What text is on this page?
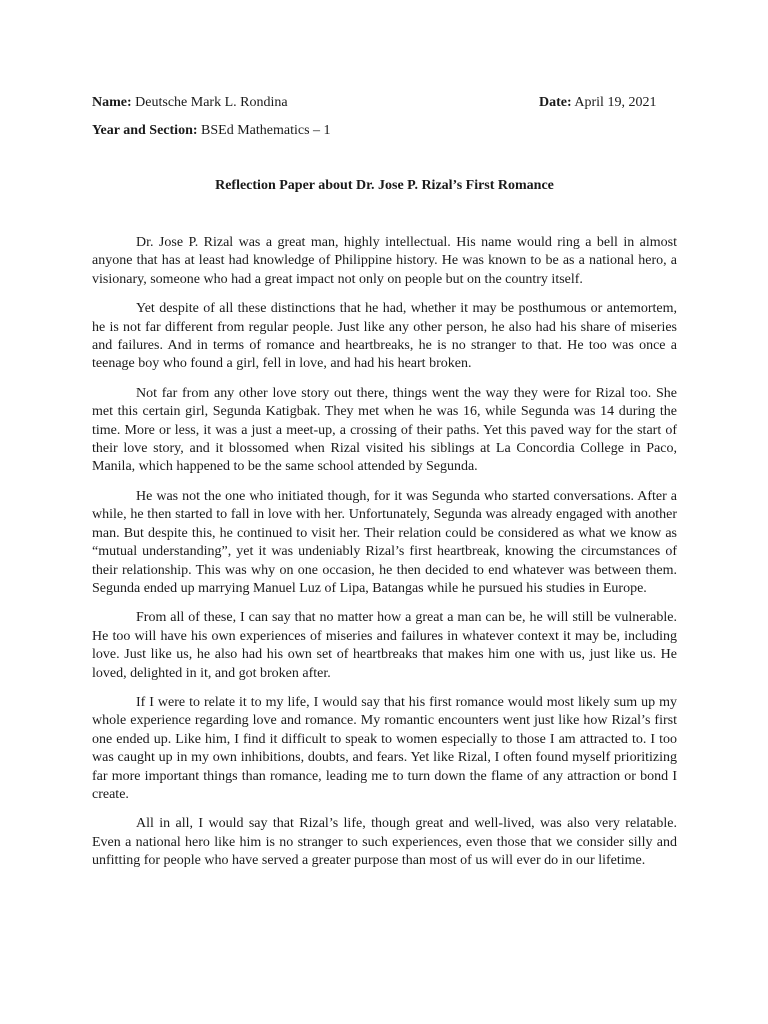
Name: Deutsche Mark L. Rondina	Date: April 19, 2021
Year and Section: BSEd Mathematics – 1
Reflection Paper about Dr. Jose P. Rizal’s First Romance

Dr. Jose P. Rizal was a great man, highly intellectual. His name would ring a bell in almost anyone that has at least had knowledge of Philippine history. He was known to be as a national hero, a visionary, someone who had a great impact not only on people but on the country itself.

Yet despite of all these distinctions that he had, whether it may be posthumous or antemortem, he is not far different from regular people. Just like any other person, he also had his share of miseries and failures. And in terms of romance and heartbreaks, he is no stranger to that. He too was once a teenage boy who found a girl, fell in love, and had his heart broken.

Not far from any other love story out there, things went the way they were for Rizal too. She met this certain girl, Segunda Katigbak. They met when he was 16, while Segunda was 14 during the time. More or less, it was a just a meet-up, a crossing of their paths. Yet this paved way for the start of their love story, and it blossomed when Rizal visited his siblings at La Concordia College in Paco, Manila, which happened to be the same school attended by Segunda.

He was not the one who initiated though, for it was Segunda who started conversations. After a while, he then started to fall in love with her. Unfortunately, Segunda was already engaged with another man. But despite this, he continued to visit her. Their relation could be considered as what we know as “mutual understanding”, yet it was undeniably Rizal’s first heartbreak, knowing the circumstances of their relationship. This was why on one occasion, he then decided to end whatever was between them. Segunda ended up marrying Manuel Luz of Lipa, Batangas while he pursued his studies in Europe.

From all of these, I can say that no matter how a great a man can be, he will still be vulnerable. He too will have his own experiences of miseries and failures in whatever context it may be, including love. Just like us, he also had his own set of heartbreaks that makes him one with us, just like us. He loved, delighted in it, and got broken after.

If I were to relate it to my life, I would say that his first romance would most likely sum up my whole experience regarding love and romance. My romantic encounters went just like how Rizal’s first one ended up. Like him, I find it difficult to speak to women especially to those I am attracted to. I too was caught up in my own inhibitions, doubts, and fears. Yet like Rizal, I often found myself prioritizing far more important things than romance, leading me to turn down the flame of any attraction or bond I create.

All in all, I would say that Rizal’s life, though great and well-lived, was also very relatable. Even a national hero like him is no stranger to such experiences, even those that we consider silly and unfitting for people who have served a greater purpose than most of us will ever do in our lifetime.
